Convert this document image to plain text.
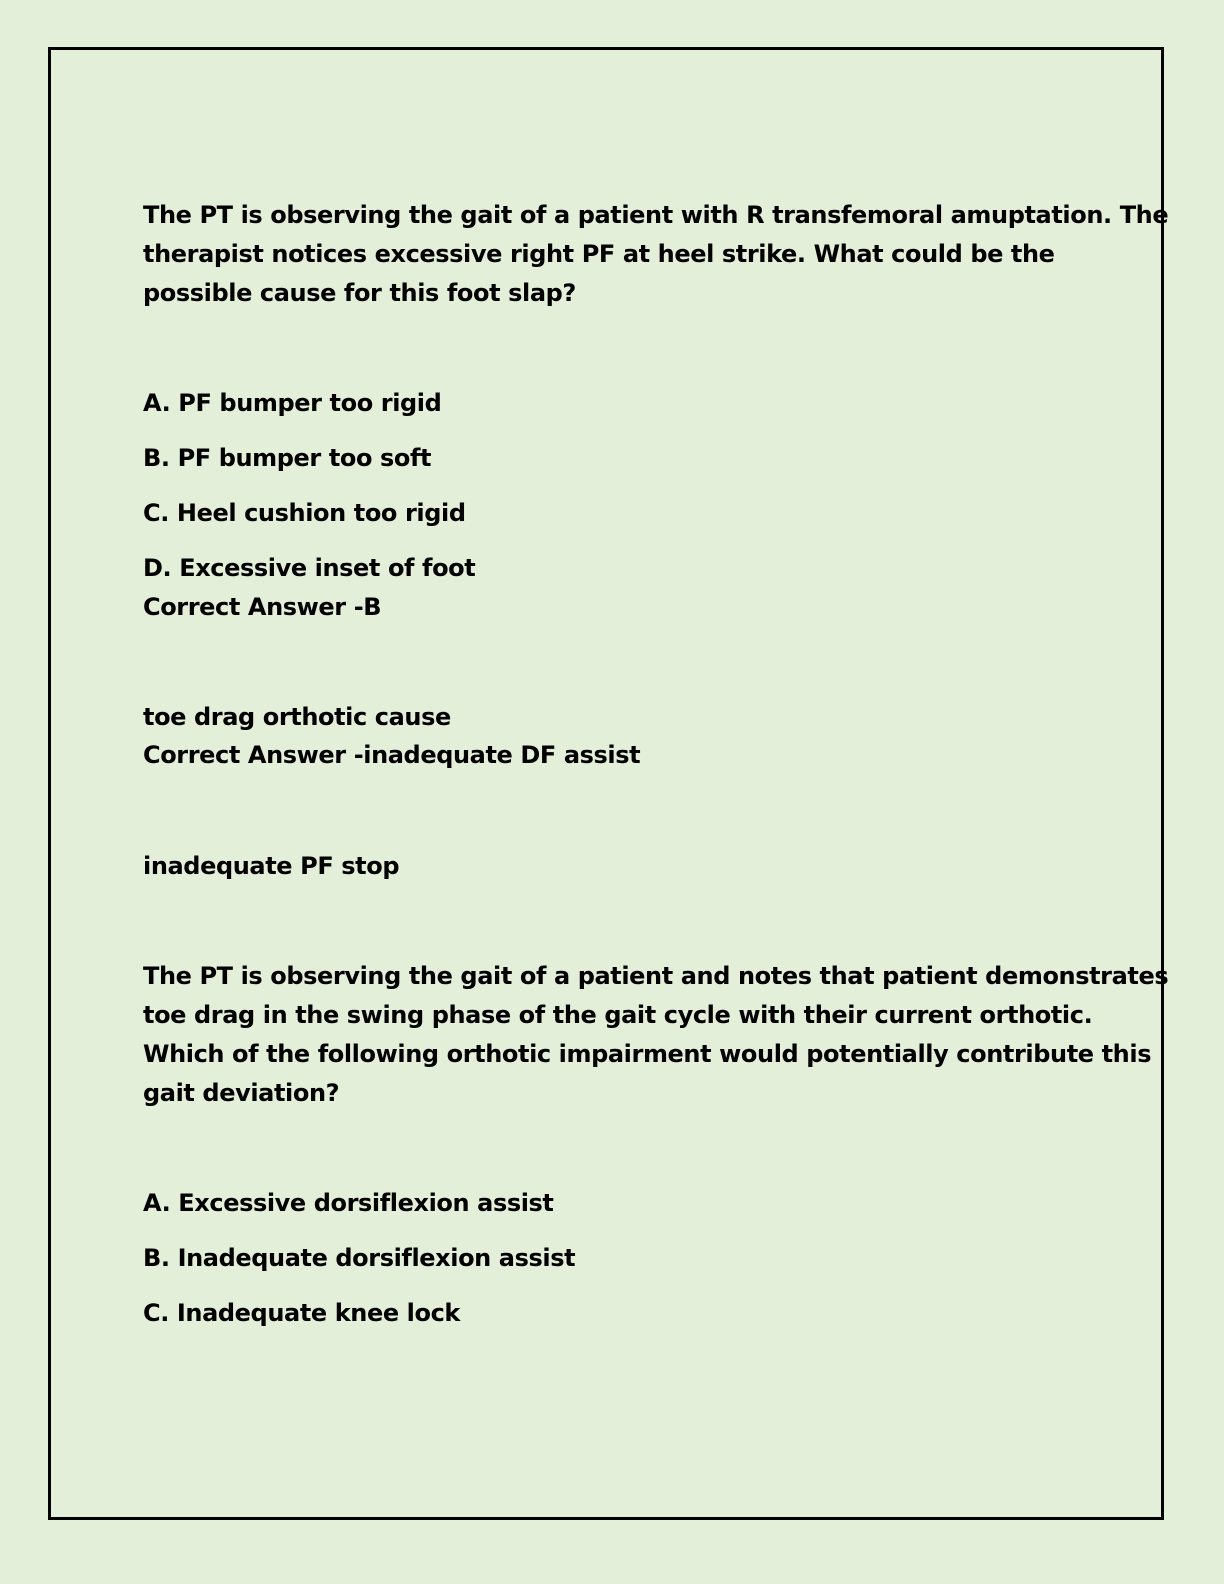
The PT is observing the gait of a patient with R transfemoral amuptation. The
therapist notices excessive right PF at heel strike. What could be the
possible cause for this foot slap?
A. PF bumper too rigid
B. PF bumper too soft
C. Heel cushion too rigid
D. Excessive inset of foot
Correct Answer -B
toe drag orthotic cause
Correct Answer -inadequate DF assist
inadequate PF stop
The PT is observing the gait of a patient and notes that patient demonstrates
toe drag in the swing phase of the gait cycle with their current orthotic.
Which of the following orthotic impairment would potentially contribute this
gait deviation?
A. Excessive dorsiflexion assist
B. Inadequate dorsiflexion assist
C. Inadequate knee lock
